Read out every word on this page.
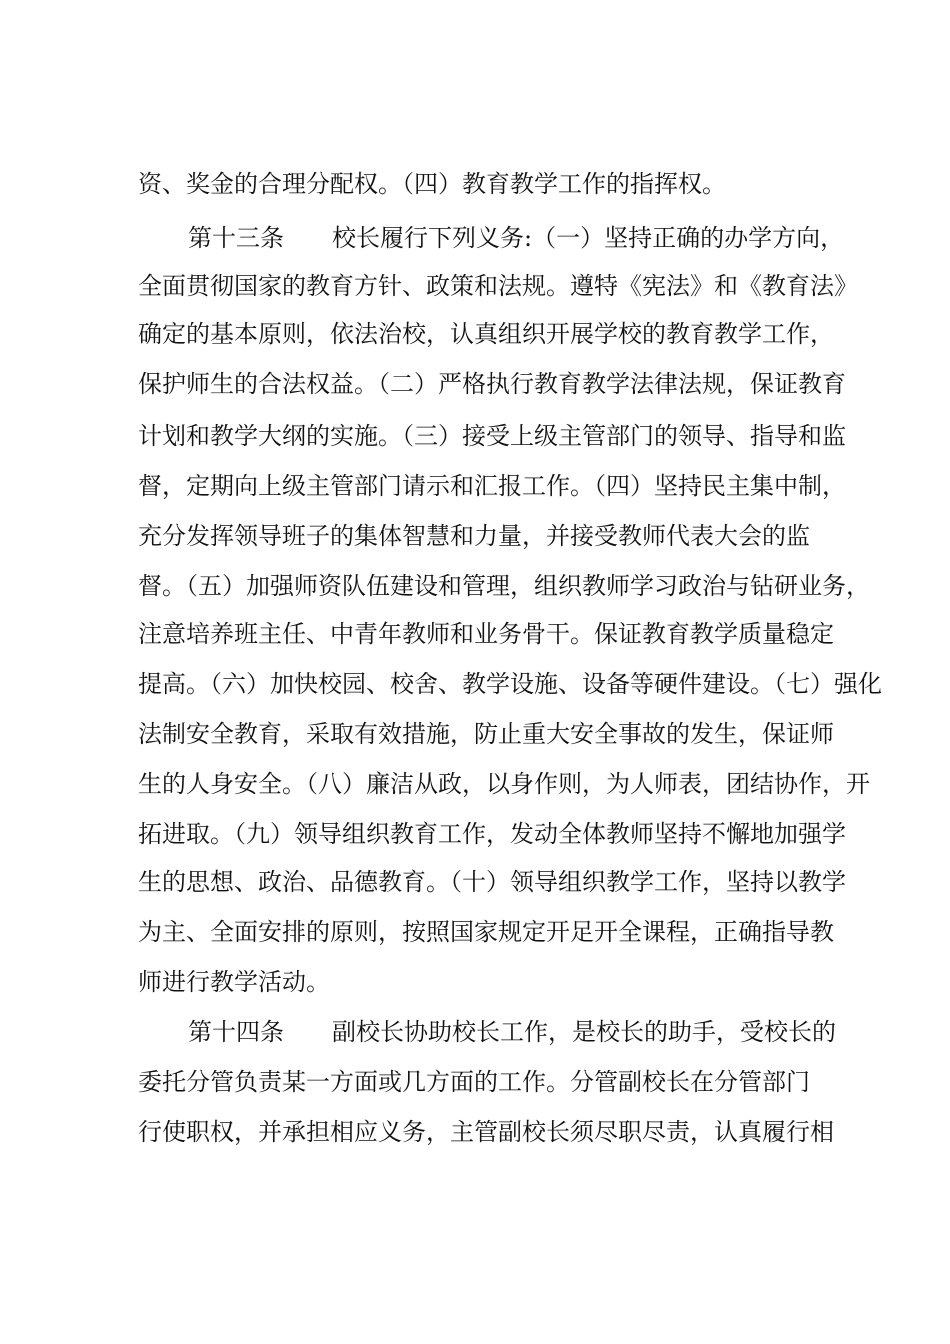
资、奖金的合理分配权。（四）教育教学工作的指挥权。
第十三条　　校长履行下列义务:（一）坚持正确的办学方向，
全面贯彻国家的教育方针、政策和法规。遵特《宪法》和《教育法》
确定的基本原则，依法治校，认真组织开展学校的教育教学工作，
保护师生的合法权益。（二）严格执行教育教学法律法规，保证教育
计划和教学大纲的实施。（三）接受上级主管部门的领导、指导和监
督，定期向上级主管部门请示和汇报工作。（四）坚持民主集中制，
充分发挥领导班子的集体智慧和力量，并接受教师代表大会的监
督。（五）加强师资队伍建设和管理，组织教师学习政治与钻研业务，
注意培养班主任、中青年教师和业务骨干。保证教育教学质量稳定
提高。（六）加快校园、校舍、教学设施、设备等硬件建设。（七）强化
法制安全教育，采取有效措施，防止重大安全事故的发生，保证师
生的人身安全。（八）廉洁从政，以身作则，为人师表，团结协作，开
拓进取。（九）领导组织教育工作，发动全体教师坚持不懈地加强学
生的思想、政治、品德教育。（十）领导组织教学工作，坚持以教学
为主、全面安排的原则，按照国家规定开足开全课程，正确指导教
师进行教学活动。
第十四条　　副校长协助校长工作，是校长的助手，受校长的
委托分管负责某一方面或几方面的工作。分管副校长在分管部门
行使职权，并承担相应义务，主管副校长须尽职尽责，认真履行相
